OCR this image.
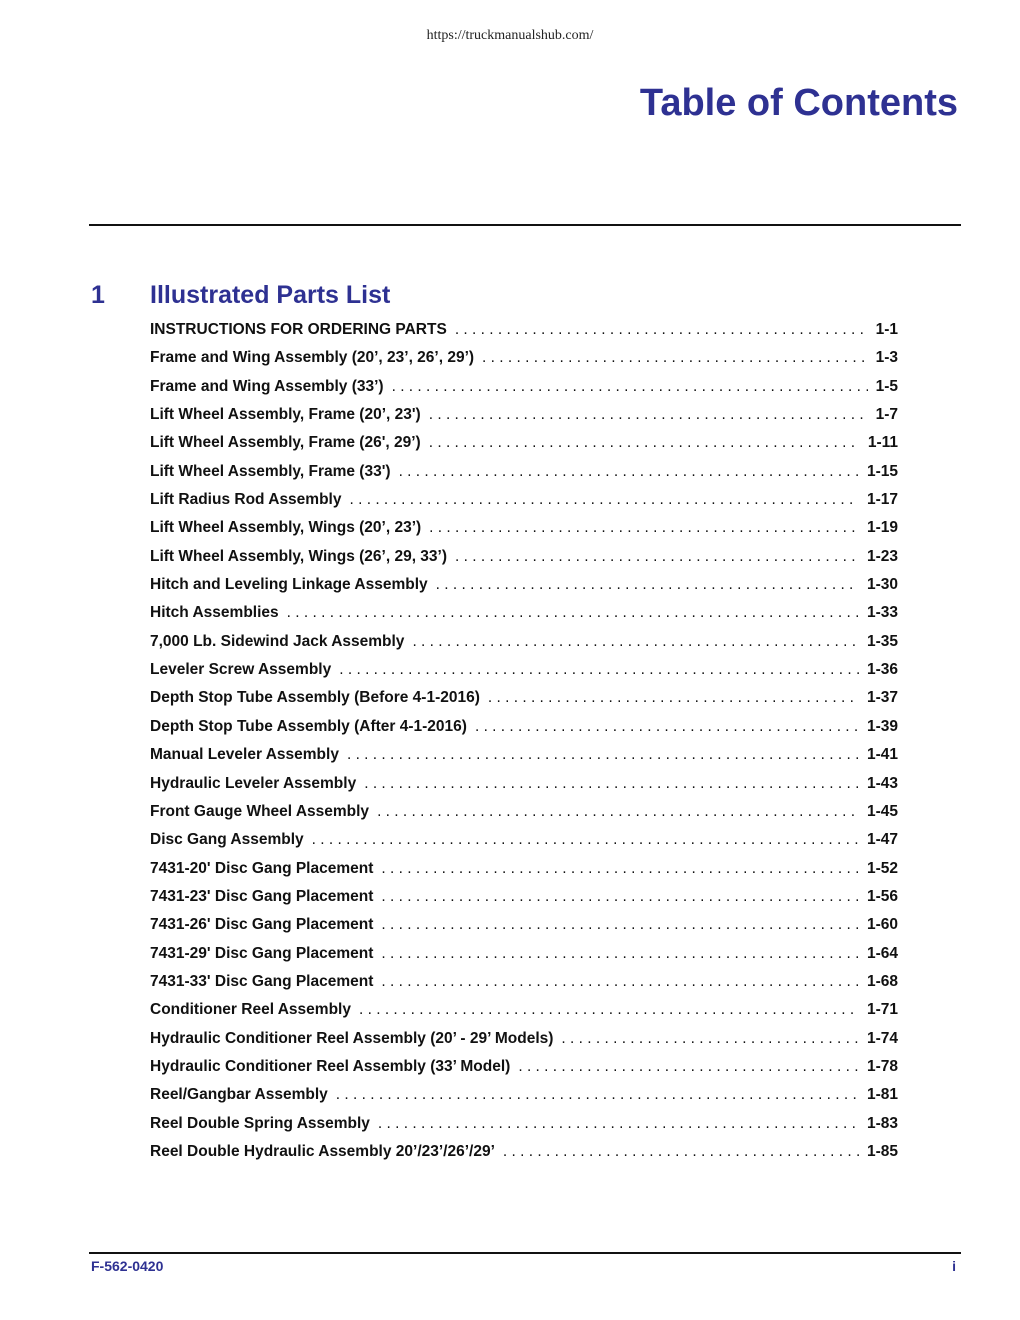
https://truckmanualshub.com/
Table of Contents
1 Illustrated Parts List
INSTRUCTIONS FOR ORDERING PARTS . . .	1-1
Frame and Wing Assembly (20’, 23’, 26’, 29’) . . .	1-3
Frame and Wing Assembly (33’) . . .	1-5
Lift Wheel Assembly, Frame (20’, 23') . . .	1-7
Lift Wheel Assembly, Frame (26', 29’) . . .	1-11
Lift Wheel Assembly, Frame (33') . . .	1-15
Lift Radius Rod Assembly . . .	1-17
Lift Wheel Assembly, Wings (20’, 23’) . . .	1-19
Lift Wheel Assembly, Wings (26’, 29, 33’) . . .	1-23
Hitch and Leveling Linkage Assembly . . .	1-30
Hitch Assemblies . . .	1-33
7,000 Lb. Sidewind Jack Assembly . . .	1-35
Leveler Screw Assembly . . .	1-36
Depth Stop Tube Assembly (Before 4-1-2016) . . .	1-37
Depth Stop Tube Assembly (After 4-1-2016) . . .	1-39
Manual Leveler Assembly . . .	1-41
Hydraulic Leveler Assembly . . .	1-43
Front Gauge Wheel Assembly . . .	1-45
Disc Gang Assembly . . .	1-47
7431-20' Disc Gang Placement . . .	1-52
7431-23' Disc Gang Placement . . .	1-56
7431-26' Disc Gang Placement . . .	1-60
7431-29' Disc Gang Placement . . .	1-64
7431-33' Disc Gang Placement . . .	1-68
Conditioner Reel Assembly . . .	1-71
Hydraulic Conditioner Reel Assembly (20’ - 29’ Models) . . .	1-74
Hydraulic Conditioner Reel Assembly (33’ Model) . . .	1-78
Reel/Gangbar Assembly . . .	1-81
Reel Double Spring Assembly . . .	1-83
Reel Double Hydraulic Assembly 20’/23’/26’/29’ . . .	1-85
F-562-0420	i
